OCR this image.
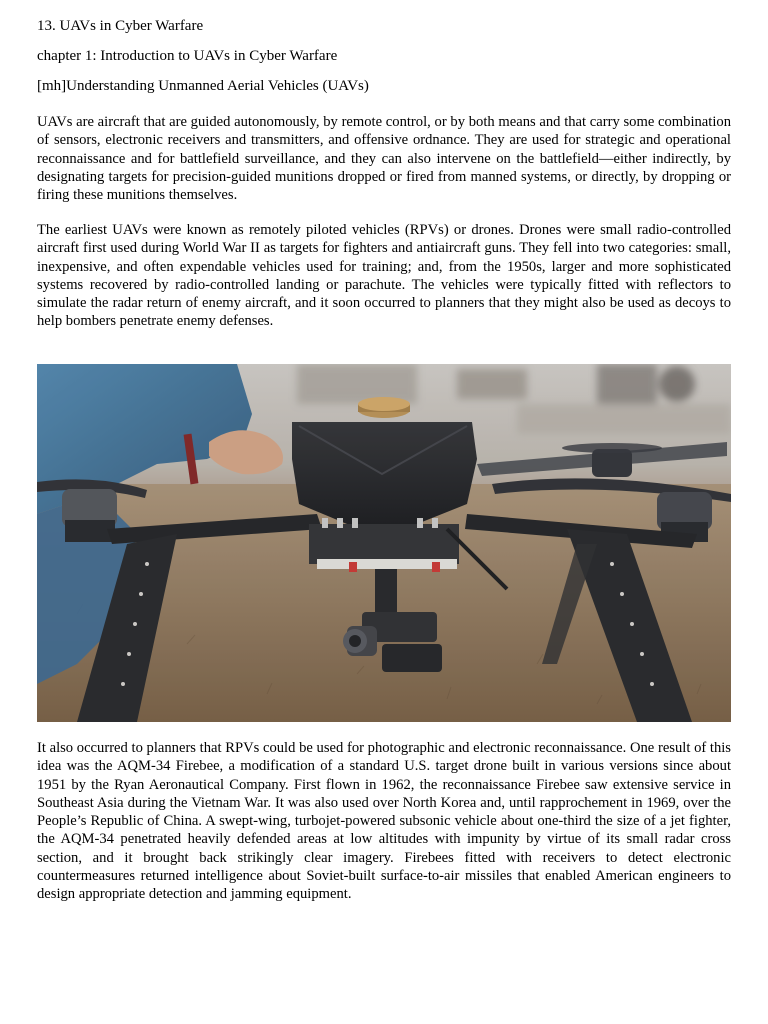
13. UAVs in Cyber Warfare
chapter 1: Introduction to UAVs in Cyber Warfare
[mh]Understanding Unmanned Aerial Vehicles (UAVs)

UAVs are aircraft that are guided autonomously, by remote control, or by both means and that carry some combination of sensors, electronic receivers and transmitters, and offensive ordnance. They are used for strategic and operational reconnaissance and for battlefield surveillance, and they can also intervene on the battlefield—either indirectly, by designating targets for precision-guided munitions dropped or fired from manned systems, or directly, by dropping or firing these munitions themselves.

The earliest UAVs were known as remotely piloted vehicles (RPVs) or drones. Drones were small radio-controlled aircraft first used during World War II as targets for fighters and antiaircraft guns. They fell into two categories: small, inexpensive, and often expendable vehicles used for training; and, from the 1950s, larger and more sophisticated systems recovered by radio-controlled landing or parachute. The vehicles were typically fitted with reflectors to simulate the radar return of enemy aircraft, and it soon occurred to planners that they might also be used as decoys to help bombers penetrate enemy defenses.

It also occurred to planners that RPVs could be used for photographic and electronic reconnaissance. One result of this idea was the AQM-34 Firebee, a modification of a standard U.S. target drone built in various versions since about 1951 by the Ryan Aeronautical Company. First flown in 1962, the reconnaissance Firebee saw extensive service in Southeast Asia during the Vietnam War. It was also used over North Korea and, until rapprochement in 1969, over the People’s Republic of China. A swept-wing, turbojet-powered subsonic vehicle about one-third the size of a jet fighter, the AQM-34 penetrated heavily defended areas at low altitudes with impunity by virtue of its small radar cross section, and it brought back strikingly clear imagery. Firebees fitted with receivers to detect electronic countermeasures returned intelligence about Soviet-built surface-to-air missiles that enabled American engineers to design appropriate detection and jamming equipment.
